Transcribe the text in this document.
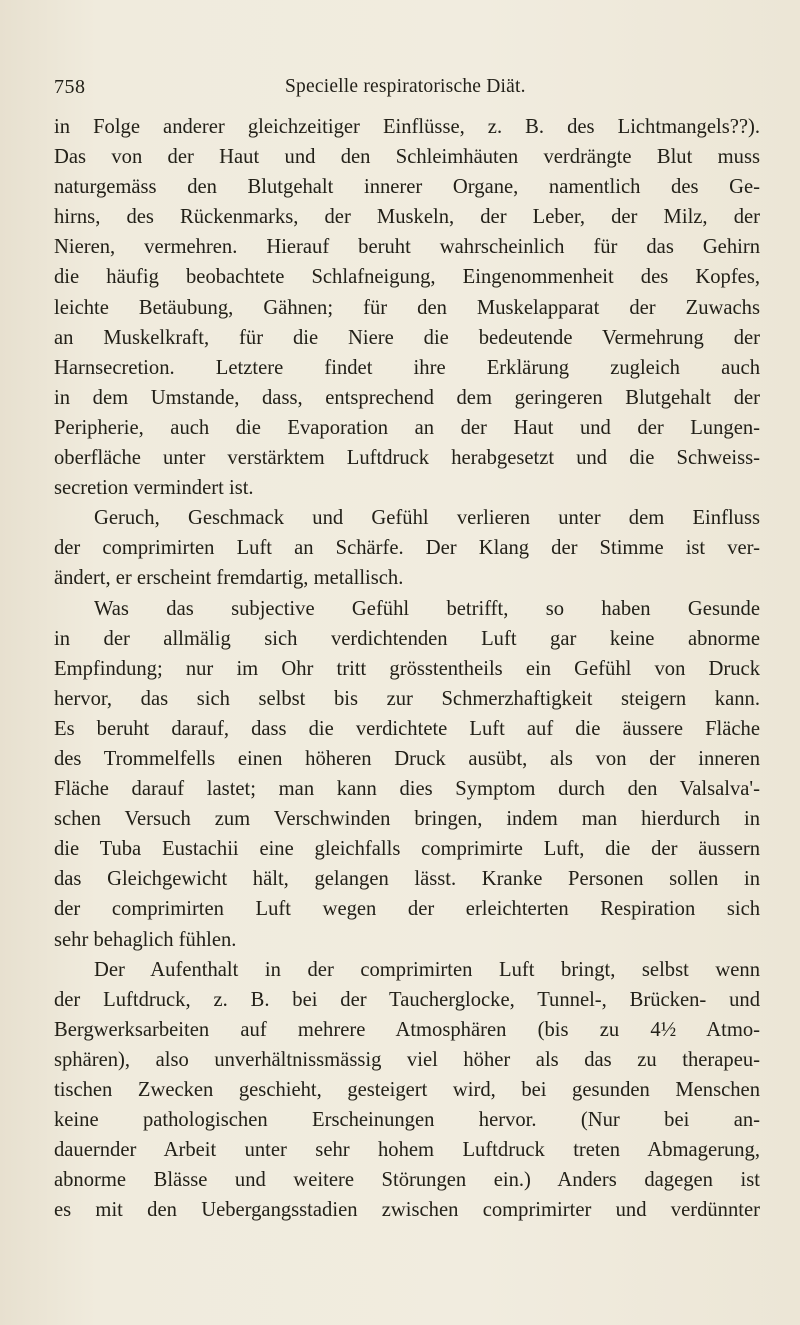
758	Specielle respiratorische Diät.
in Folge anderer gleichzeitiger Einflüsse, z. B. des Lichtmangels??).
Das von der Haut und den Schleimhäuten verdrängte Blut muss
naturgemäss den Blutgehalt innerer Organe, namentlich des Ge-
hirns, des Rückenmarks, der Muskeln, der Leber, der Milz, der
Nieren, vermehren. Hierauf beruht wahrscheinlich für das Gehirn
die häufig beobachtete Schlafneigung, Eingenommenheit des Kopfes,
leichte Betäubung, Gähnen; für den Muskelapparat der Zuwachs
an Muskelkraft, für die Niere die bedeutende Vermehrung der
Harnsecretion. Letztere findet ihre Erklärung zugleich auch
in dem Umstande, dass, entsprechend dem geringeren Blutgehalt der
Peripherie, auch die Evaporation an der Haut und der Lungen-
oberfläche unter verstärktem Luftdruck herabgesetzt und die Schweiss-
secretion vermindert ist.
Geruch, Geschmack und Gefühl verlieren unter dem Einfluss
der comprimirten Luft an Schärfe. Der Klang der Stimme ist ver-
ändert, er erscheint fremdartig, metallisch.
Was das subjective Gefühl betrifft, so haben Gesunde
in der allmälig sich verdichtenden Luft gar keine abnorme
Empfindung; nur im Ohr tritt grösstentheils ein Gefühl von Druck
hervor, das sich selbst bis zur Schmerzhaftigkeit steigern kann.
Es beruht darauf, dass die verdichtete Luft auf die äussere Fläche
des Trommelfells einen höheren Druck ausübt, als von der inneren
Fläche darauf lastet; man kann dies Symptom durch den Valsalva'-
schen Versuch zum Verschwinden bringen, indem man hierdurch in
die Tuba Eustachii eine gleichfalls comprimirte Luft, die der äussern
das Gleichgewicht hält, gelangen lässt. Kranke Personen sollen in
der comprimirten Luft wegen der erleichterten Respiration sich
sehr behaglich fühlen.
Der Aufenthalt in der comprimirten Luft bringt, selbst wenn
der Luftdruck, z. B. bei der Taucherglocke, Tunnel-, Brücken- und
Bergwerksarbeiten auf mehrere Atmosphären (bis zu 4½ Atmo-
sphären), also unverhältnissmässig viel höher als das zu therapeu-
tischen Zwecken geschieht, gesteigert wird, bei gesunden Menschen
keine pathologischen Erscheinungen hervor. (Nur bei an-
dauernder Arbeit unter sehr hohem Luftdruck treten Abmagerung,
abnorme Blässe und weitere Störungen ein.) Anders dagegen ist
es mit den Uebergangsstadien zwischen comprimirter und verdünnter
